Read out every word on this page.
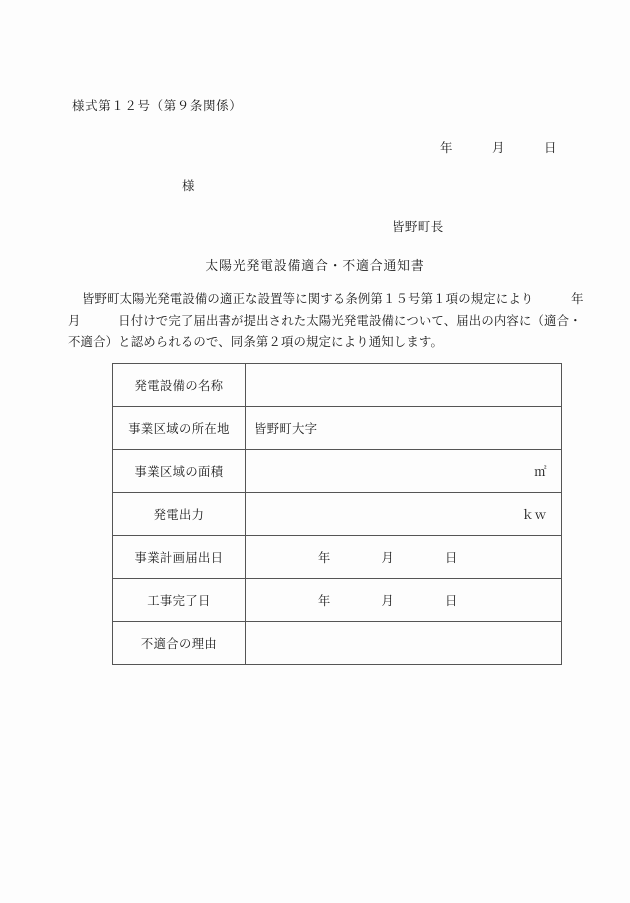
様式第１２号（第９条関係）
年　　　月　　　日
様
皆野町長
太陽光発電設備適合・不適合通知書
皆野町太陽光発電設備の適正な設置等に関する条例第１５号第１項の規定により　　　年
月　　　日付けで完了届出書が提出された太陽光発電設備について、届出の内容に（適合・
不適合）と認められるので、同条第２項の規定により通知します。
発電設備の名称	
事業区域の所在地	皆野町大字
事業区域の面積	㎡
発電出力	ｋｗ
事業計画届出日	年　　　　月　　　　日
工事完了日	年　　　　月　　　　日
不適合の理由	
